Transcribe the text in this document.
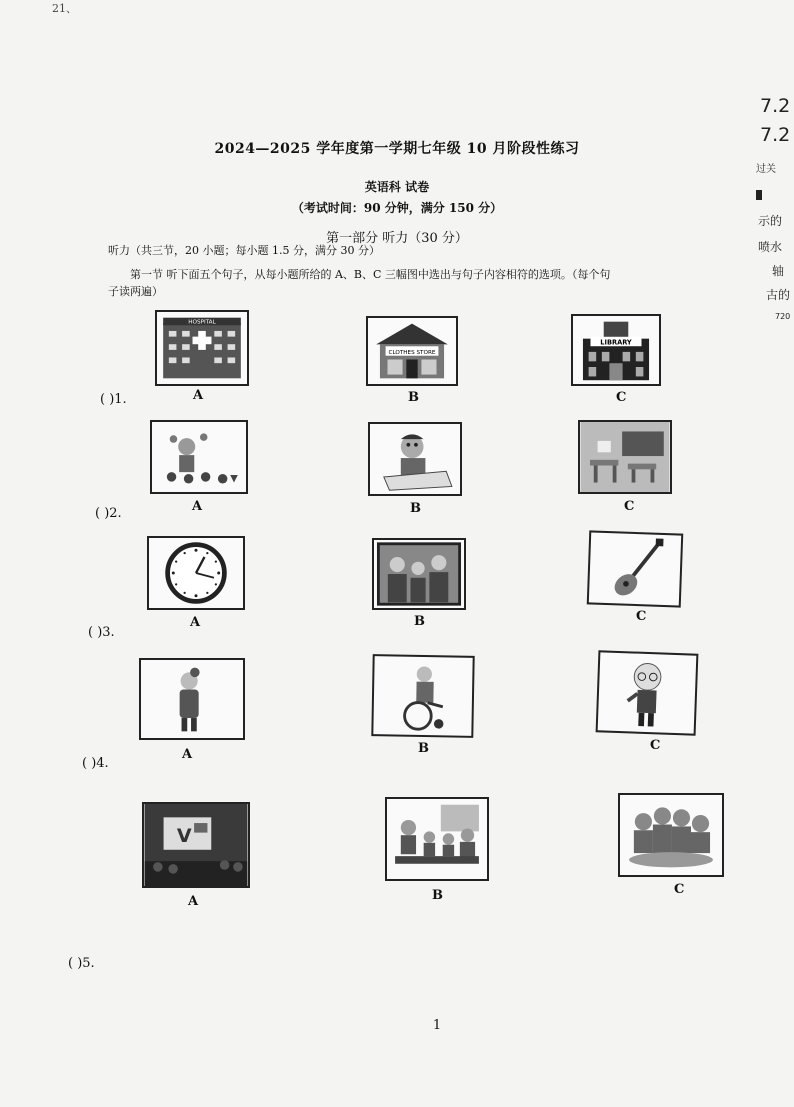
21、
2024—2025 学年度第一学期七年级 10 月阶段性练习
英语科 试卷
（考试时间：90 分钟，满分 150 分）
第一部分 听力（30 分）
听力（共三节，20 小题；每小题 1.5 分，满分 30 分）
第一节 听下面五个句子，从每小题所给的 A、B、C 三幅图中选出与句子内容相符的选项。（每个句
子读两遍）
7.2
7.2
过关
示的
喷水
轴
古的
720
( )1.
HOSPITAL
A
CLOTHES STORE
B
LIBRARY
C
( )2.	A	B	C
( )3.
A	B	C
( )4.
A	B	C
( )5.
V
A	B	C
1
